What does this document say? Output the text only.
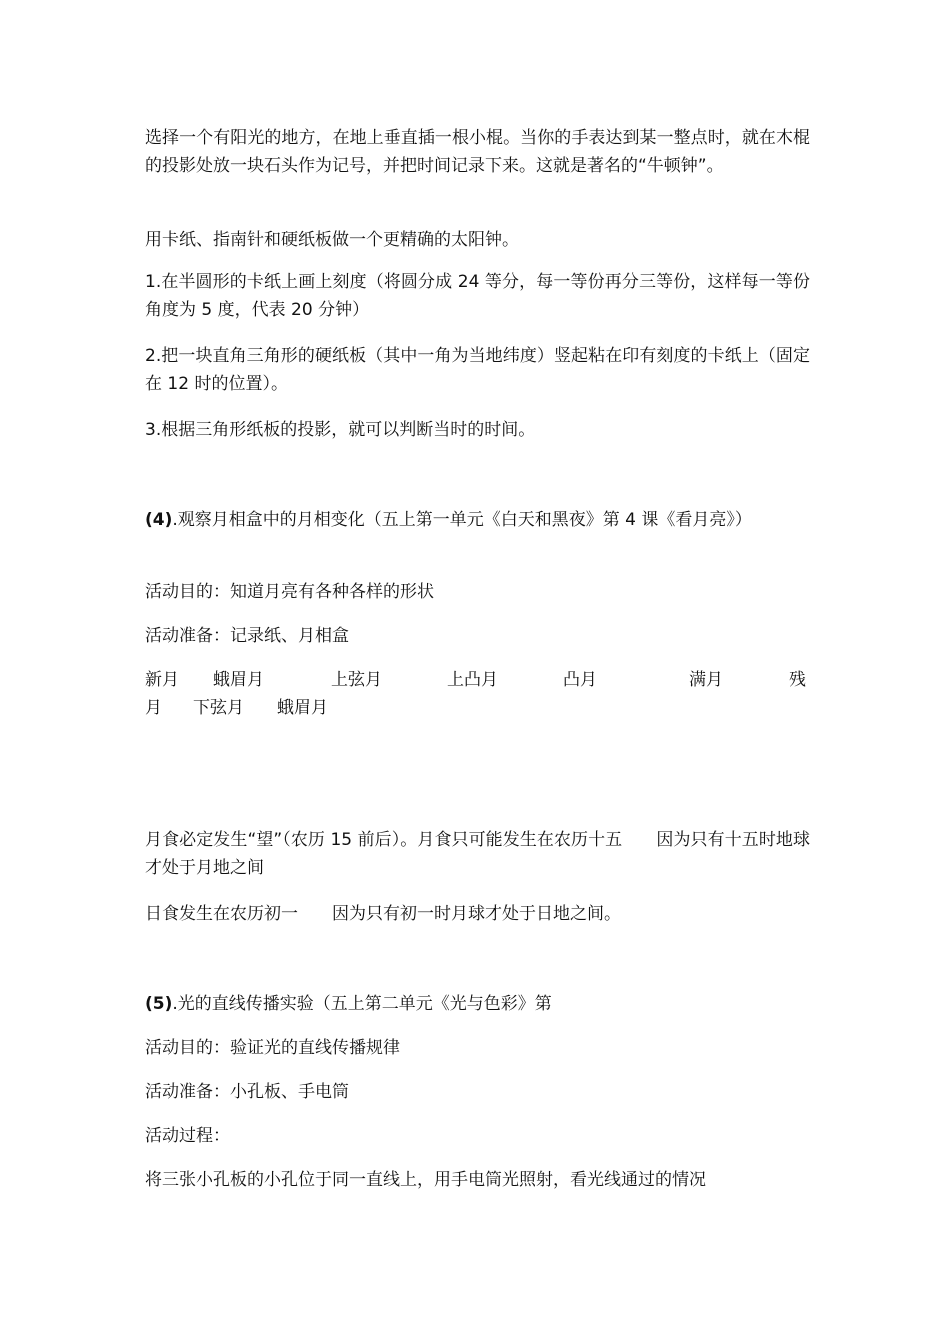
选择一个有阳光的地方，在地上垂直插一根小棍。当你的手表达到某一整点时，就在木棍的投影处放一块石头作为记号，并把时间记录下来。这就是著名的“牛顿钟”。

用卡纸、指南针和硬纸板做一个更精确的太阳钟。

1.在半圆形的卡纸上画上刻度（将圆分成 24 等分，每一等份再分三等份，这样每一等份角度为 5 度，代表 20 分钟）

2.把一块直角三角形的硬纸板（其中一角为当地纬度）竖起粘在印有刻度的卡纸上（固定在 12 时的位置）。

3.根据三角形纸板的投影，就可以判断当时的时间。

(4).观察月相盒中的月相变化（五上第一单元《白天和黑夜》第 4 课《看月亮》）

活动目的：知道月亮有各种各样的形状

活动准备：记录纸、月相盒

新月 蛾眉月	上弦月	上凸月	凸月	满月	残
月 下弦月 蛾眉月

月食必定发生“望”（农历 15 前后）。月食只可能发生在农历十五　　因为只有十五时地球才处于月地之间

日食发生在农历初一　　因为只有初一时月球才处于日地之间。

(5).光的直线传播实验（五上第二单元《光与色彩》第

活动目的：验证光的直线传播规律

活动准备：小孔板、手电筒

活动过程：

将三张小孔板的小孔位于同一直线上，用手电筒光照射，看光线通过的情况
